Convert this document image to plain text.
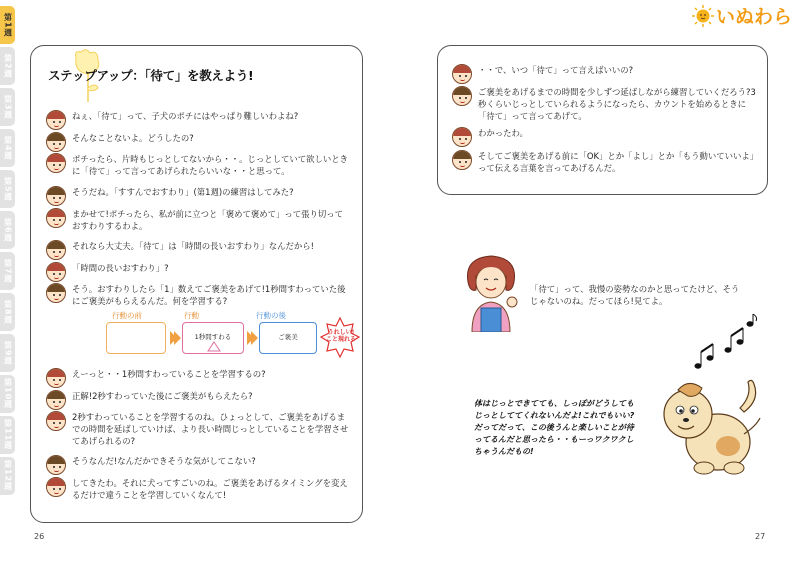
第1週
第2週
第3週
第4週
第5週
第6週
第7週
第8週
第9週
第10週
第11週
第12週
いぬわら
ステップアップ：「待て」を教えよう!
ねぇ、「待て」って、子犬のポチにはやっぱり難しいわよね?
そんなことないよ。どうしたの?
ポチったら、片時もじっとしてないから・・。じっとしていて欲しいときに「待て」って言ってあげられたらいいな・・と思って。
そうだね。「すすんでおすわり」(第1週)の練習はしてみた?
まかせて!ポチったら、私が前に立つと「褒めて褒めて」って張り切っておすわりするわよ。
それなら大丈夫。「待て」は「時間の長いおすわり」なんだから!
「時間の長いおすわり」?
そう。おすわりしたら「1」数えてご褒美をあげて!1秒間すわっていた後にご褒美がもらえるんだ。何を学習する?
行動の前	行動	行動の後
1秒間すわる	ご褒美
うれしい!こと現れる
えーっと・・1秒間すわっていることを学習するの?
正解!2秒すわっていた後にご褒美がもらえたら?
2秒すわっていることを学習するのね。ひょっとして、ご褒美をあげるまでの時間を延ばしていけば、より長い時間じっとしていることを学習させてあげられるの?
そうなんだ!なんだかできそうな気がしてこない?
してきたわ。それに犬ってすごいのね。ご褒美をあげるタイミングを変えるだけで違うことを学習していくなんて!
・・で、いつ「待て」って言えばいいの?
ご褒美をあげるまでの時間を少しずつ延ばしながら練習していくだろう?3秒くらいじっとしていられるようになったら、カウントを始めるときに「待て」って言ってあげて。
わかったわ。
そしてご褒美をあげる前に「OK」とか「よし」とか「もう動いていいよ」って伝える言葉を言ってあげるんだ。
「待て」って、我慢の姿勢なのかと思ってたけど、そうじゃないのね。だってほら!見てよ。
体はじっとできてても、しっぽがどうしてもじっとしててくれないんだよ!これでもいい?だってだって、この後うんと楽しいことが待ってるんだと思ったら・・もーっワクワクしちゃうんだもの!
26	27
